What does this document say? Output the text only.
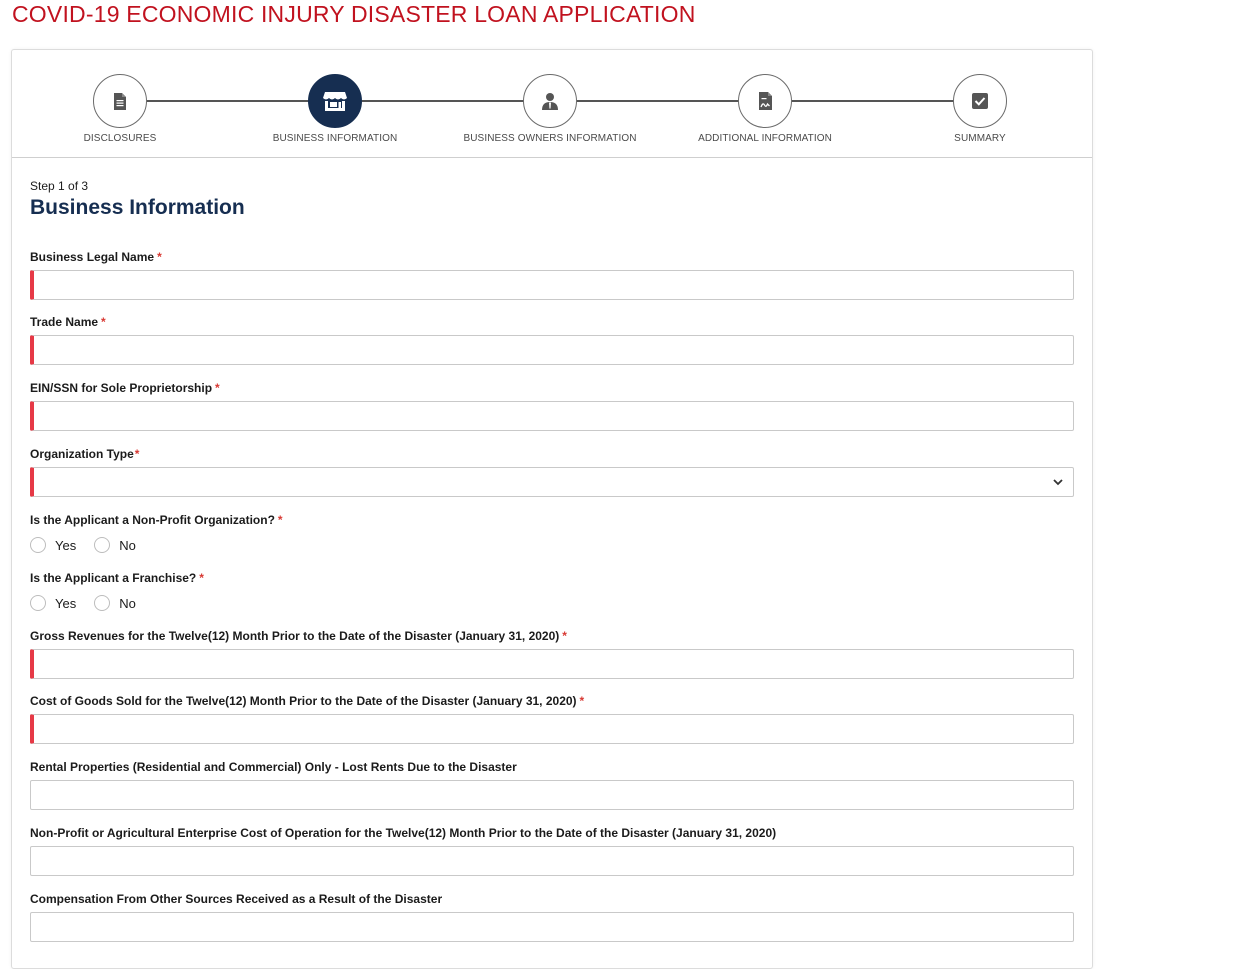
COVID-19 ECONOMIC INJURY DISASTER LOAN APPLICATION
DISCLOSURES	BUSINESS INFORMATION	BUSINESS OWNERS INFORMATION	ADDITIONAL INFORMATION	SUMMARY
Step 1 of 3
Business Information
Business Legal Name *
Trade Name *
EIN/SSN for Sole Proprietorship *
Organization Type*
Is the Applicant a Non-Profit Organization? *
Yes	No
Is the Applicant a Franchise? *
Yes	No
Gross Revenues for the Twelve(12) Month Prior to the Date of the Disaster (January 31, 2020) *
Cost of Goods Sold for the Twelve(12) Month Prior to the Date of the Disaster (January 31, 2020) *
Rental Properties (Residential and Commercial) Only - Lost Rents Due to the Disaster
Non-Profit or Agricultural Enterprise Cost of Operation for the Twelve(12) Month Prior to the Date of the Disaster (January 31, 2020)
Compensation From Other Sources Received as a Result of the Disaster
